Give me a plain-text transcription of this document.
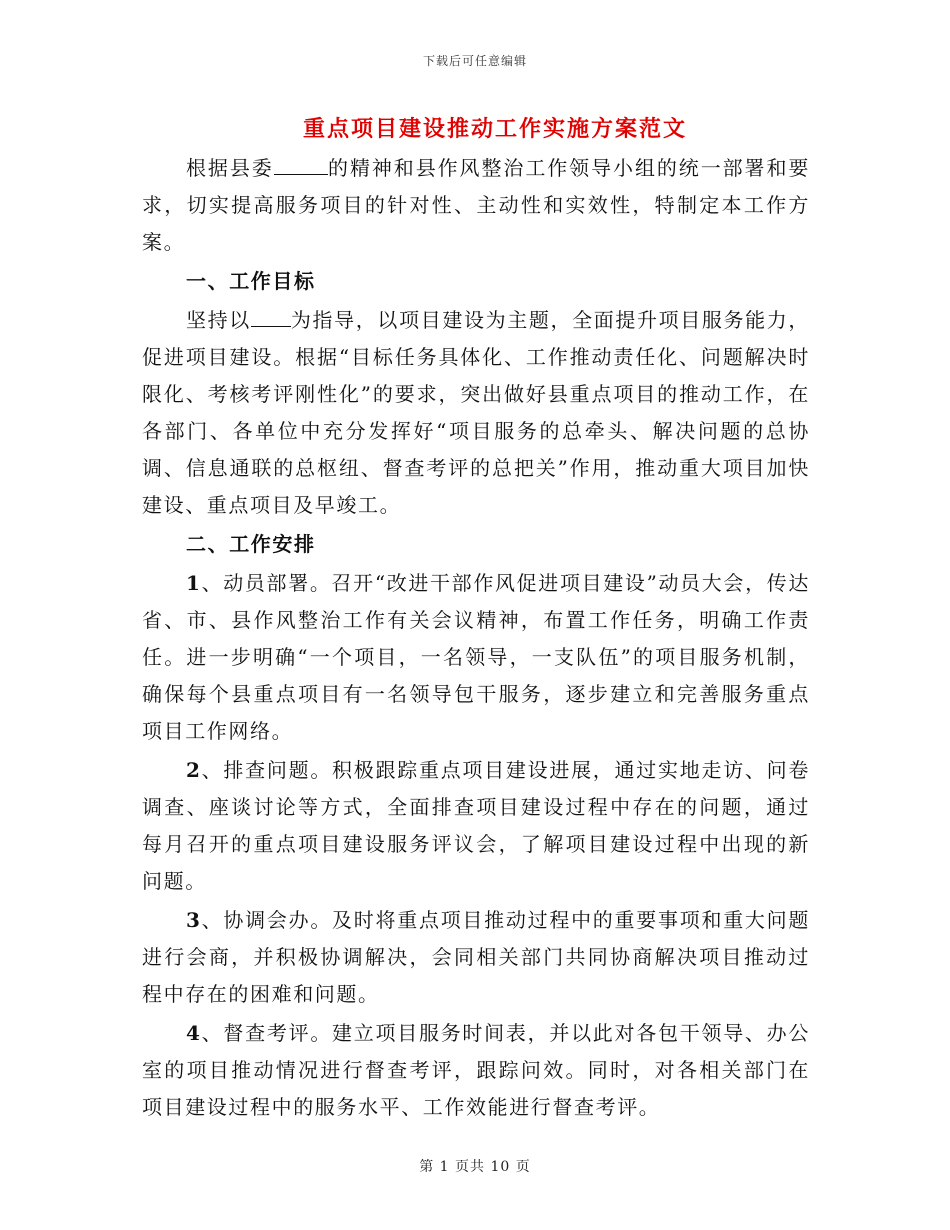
下载后可任意编辑
重点项目建设推动工作实施方案范文

根据县委	的精神和县作风整治工作领导小组的统一部署和要求，切实提高服务项目的针对性、主动性和实效性，特制定本工作方案。

一、工作目标

坚持以 为指导，以项目建设为主题，全面提升项目服务能力，促进项目建设。根据“目标任务具体化、工作推动责任化、问题解决时限化、考核考评刚性化”的要求，突出做好县重点项目的推动工作，在各部门、各单位中充分发挥好“项目服务的总牵头、解决问题的总协调、信息通联的总枢纽、督查考评的总把关”作用，推动重大项目加快建设、重点项目及早竣工。

二、工作安排

1、动员部署。召开“改进干部作风促进项目建设”动员大会，传达省、市、县作风整治工作有关会议精神，布置工作任务，明确工作责任。进一步明确“一个项目，一名领导，一支队伍”的项目服务机制，确保每个县重点项目有一名领导包干服务，逐步建立和完善服务重点项目工作网络。

2、排查问题。积极跟踪重点项目建设进展，通过实地走访、问卷调查、座谈讨论等方式，全面排查项目建设过程中存在的问题，通过每月召开的重点项目建设服务评议会，了解项目建设过程中出现的新问题。

3、协调会办。及时将重点项目推动过程中的重要事项和重大问题进行会商，并积极协调解决，会同相关部门共同协商解决项目推动过程中存在的困难和问题。

4、督查考评。建立项目服务时间表，并以此对各包干领导、办公室的项目推动情况进行督查考评，跟踪问效。同时，对各相关部门在项目建设过程中的服务水平、工作效能进行督查考评。

第 1 页共 10 页
